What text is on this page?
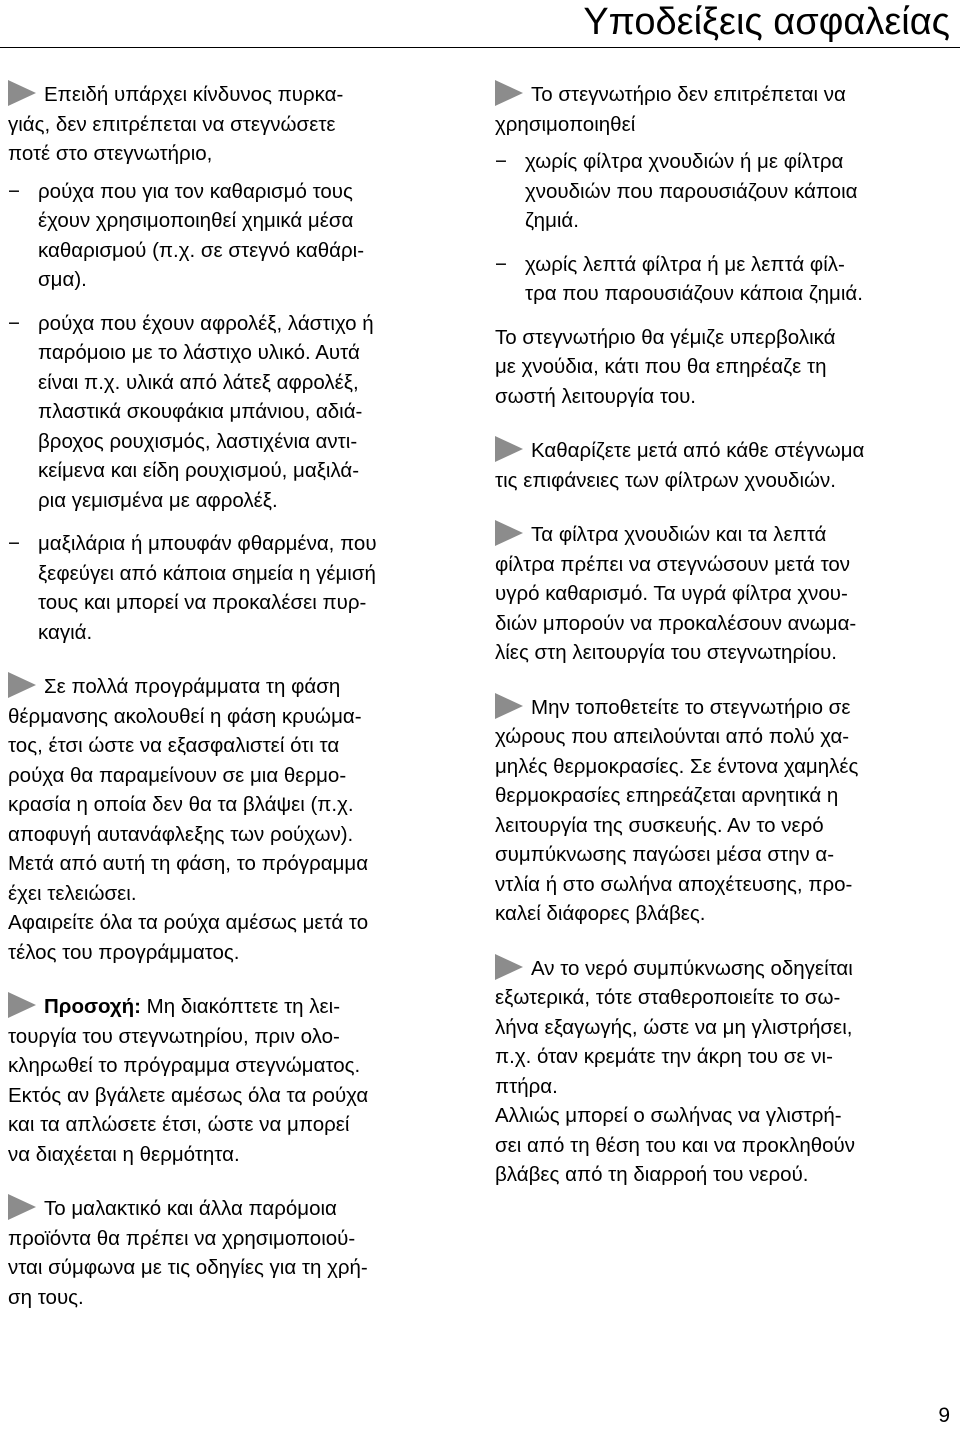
Υποδείξεις ασφαλείας

Επειδή υπάρχει κίνδυνος πυρκα-

γιάς, δεν επιτρέπεται να στεγνώσετε

ποτέ στο στεγνωτήριο,

− ρούχα που για τον καθαρισμό τους

έχουν χρησιμοποιηθεί χημικά μέσα

καθαρισμού (π.χ. σε στεγνό καθάρι-

σμα).

− ρούχα που έχουν αφρολέξ, λάστιχο ή

παρόμοιο με το λάστιχο υλικό. Αυτά

είναι π.χ. υλικά από λάτεξ αφρολέξ,

πλαστικά σκουφάκια μπάνιου, αδιά-

βροχος ρουχισμός, λαστιχένια αντι-

κείμενα και είδη ρουχισμού, μαξιλά-

ρια γεμισμένα με αφρολέξ.

− μαξιλάρια ή μπουφάν φθαρμένα, που

ξεφεύγει από κάποια σημεία η γέμισή

τους και μπορεί να προκαλέσει πυρ-

καγιά.

Σε πολλά προγράμματα τη φάση

θέρμανσης ακολουθεί η φάση κρυώμα-

τος, έτσι ώστε να εξασφαλιστεί ότι τα

ρούχα θα παραμείνουν σε μια θερμο-

κρασία η οποία δεν θα τα βλάψει (π.χ.

αποφυγή αυτανάφλεξης των ρούχων).

Μετά από αυτή τη φάση, το πρόγραμμα

έχει τελειώσει.

Αφαιρείτε όλα τα ρούχα αμέσως μετά το

τέλος του προγράμματος.

Προσοχή: Μη διακόπτετε τη λει-

τουργία του στεγνωτηρίου, πριν ολο-

κληρωθεί το πρόγραμμα στεγνώματος.

Εκτός αν βγάλετε αμέσως όλα τα ρούχα

και τα απλώσετε έτσι, ώστε να μπορεί

να διαχέεται η θερμότητα.

Το μαλακτικό και άλλα παρόμοια

προϊόντα θα πρέπει να χρησιμοποιού-

νται σύμφωνα με τις οδηγίες για τη χρή-

ση τους.

Το στεγνωτήριο δεν επιτρέπεται να

χρησιμοποιηθεί

− χωρίς φίλτρα χνουδιών ή με φίλτρα

χνουδιών που παρουσιάζουν κάποια

ζημιά.

− χωρίς λεπτά φίλτρα ή με λεπτά φίλ-

τρα που παρουσιάζουν κάποια ζημιά.

Το στεγνωτήριο θα γέμιζε υπερβολικά

με χνούδια, κάτι που θα επηρέαζε τη

σωστή λειτουργία του.

Καθαρίζετε μετά από κάθε στέγνωμα

τις επιφάνειες των φίλτρων χνουδιών.

Τα φίλτρα χνουδιών και τα λεπτά

φίλτρα πρέπει να στεγνώσουν μετά τον

υγρό καθαρισμό. Τα υγρά φίλτρα χνου-

διών μπορούν να προκαλέσουν ανωμα-

λίες στη λειτουργία του στεγνωτηρίου.

Μην τοποθετείτε το στεγνωτήριο σε

χώρους που απειλούνται από πολύ χα-

μηλές θερμοκρασίες. Σε έντονα χαμηλές

θερμοκρασίες επηρεάζεται αρνητικά η

λειτουργία της συσκευής. Αν το νερό

συμπύκνωσης παγώσει μέσα στην α-

ντλία ή στο σωλήνα αποχέτευσης, προ-

καλεί διάφορες βλάβες.

Αν το νερό συμπύκνωσης οδηγείται

εξωτερικά, τότε σταθεροποιείτε το σω-

λήνα εξαγωγής, ώστε να μη γλιστρήσει,

π.χ. όταν κρεμάτε την άκρη του σε νι-

πτήρα.

Αλλιώς μπορεί ο σωλήνας να γλιστρή-

σει από τη θέση του και να προκληθούν

βλάβες από τη διαρροή του νερού.

9
